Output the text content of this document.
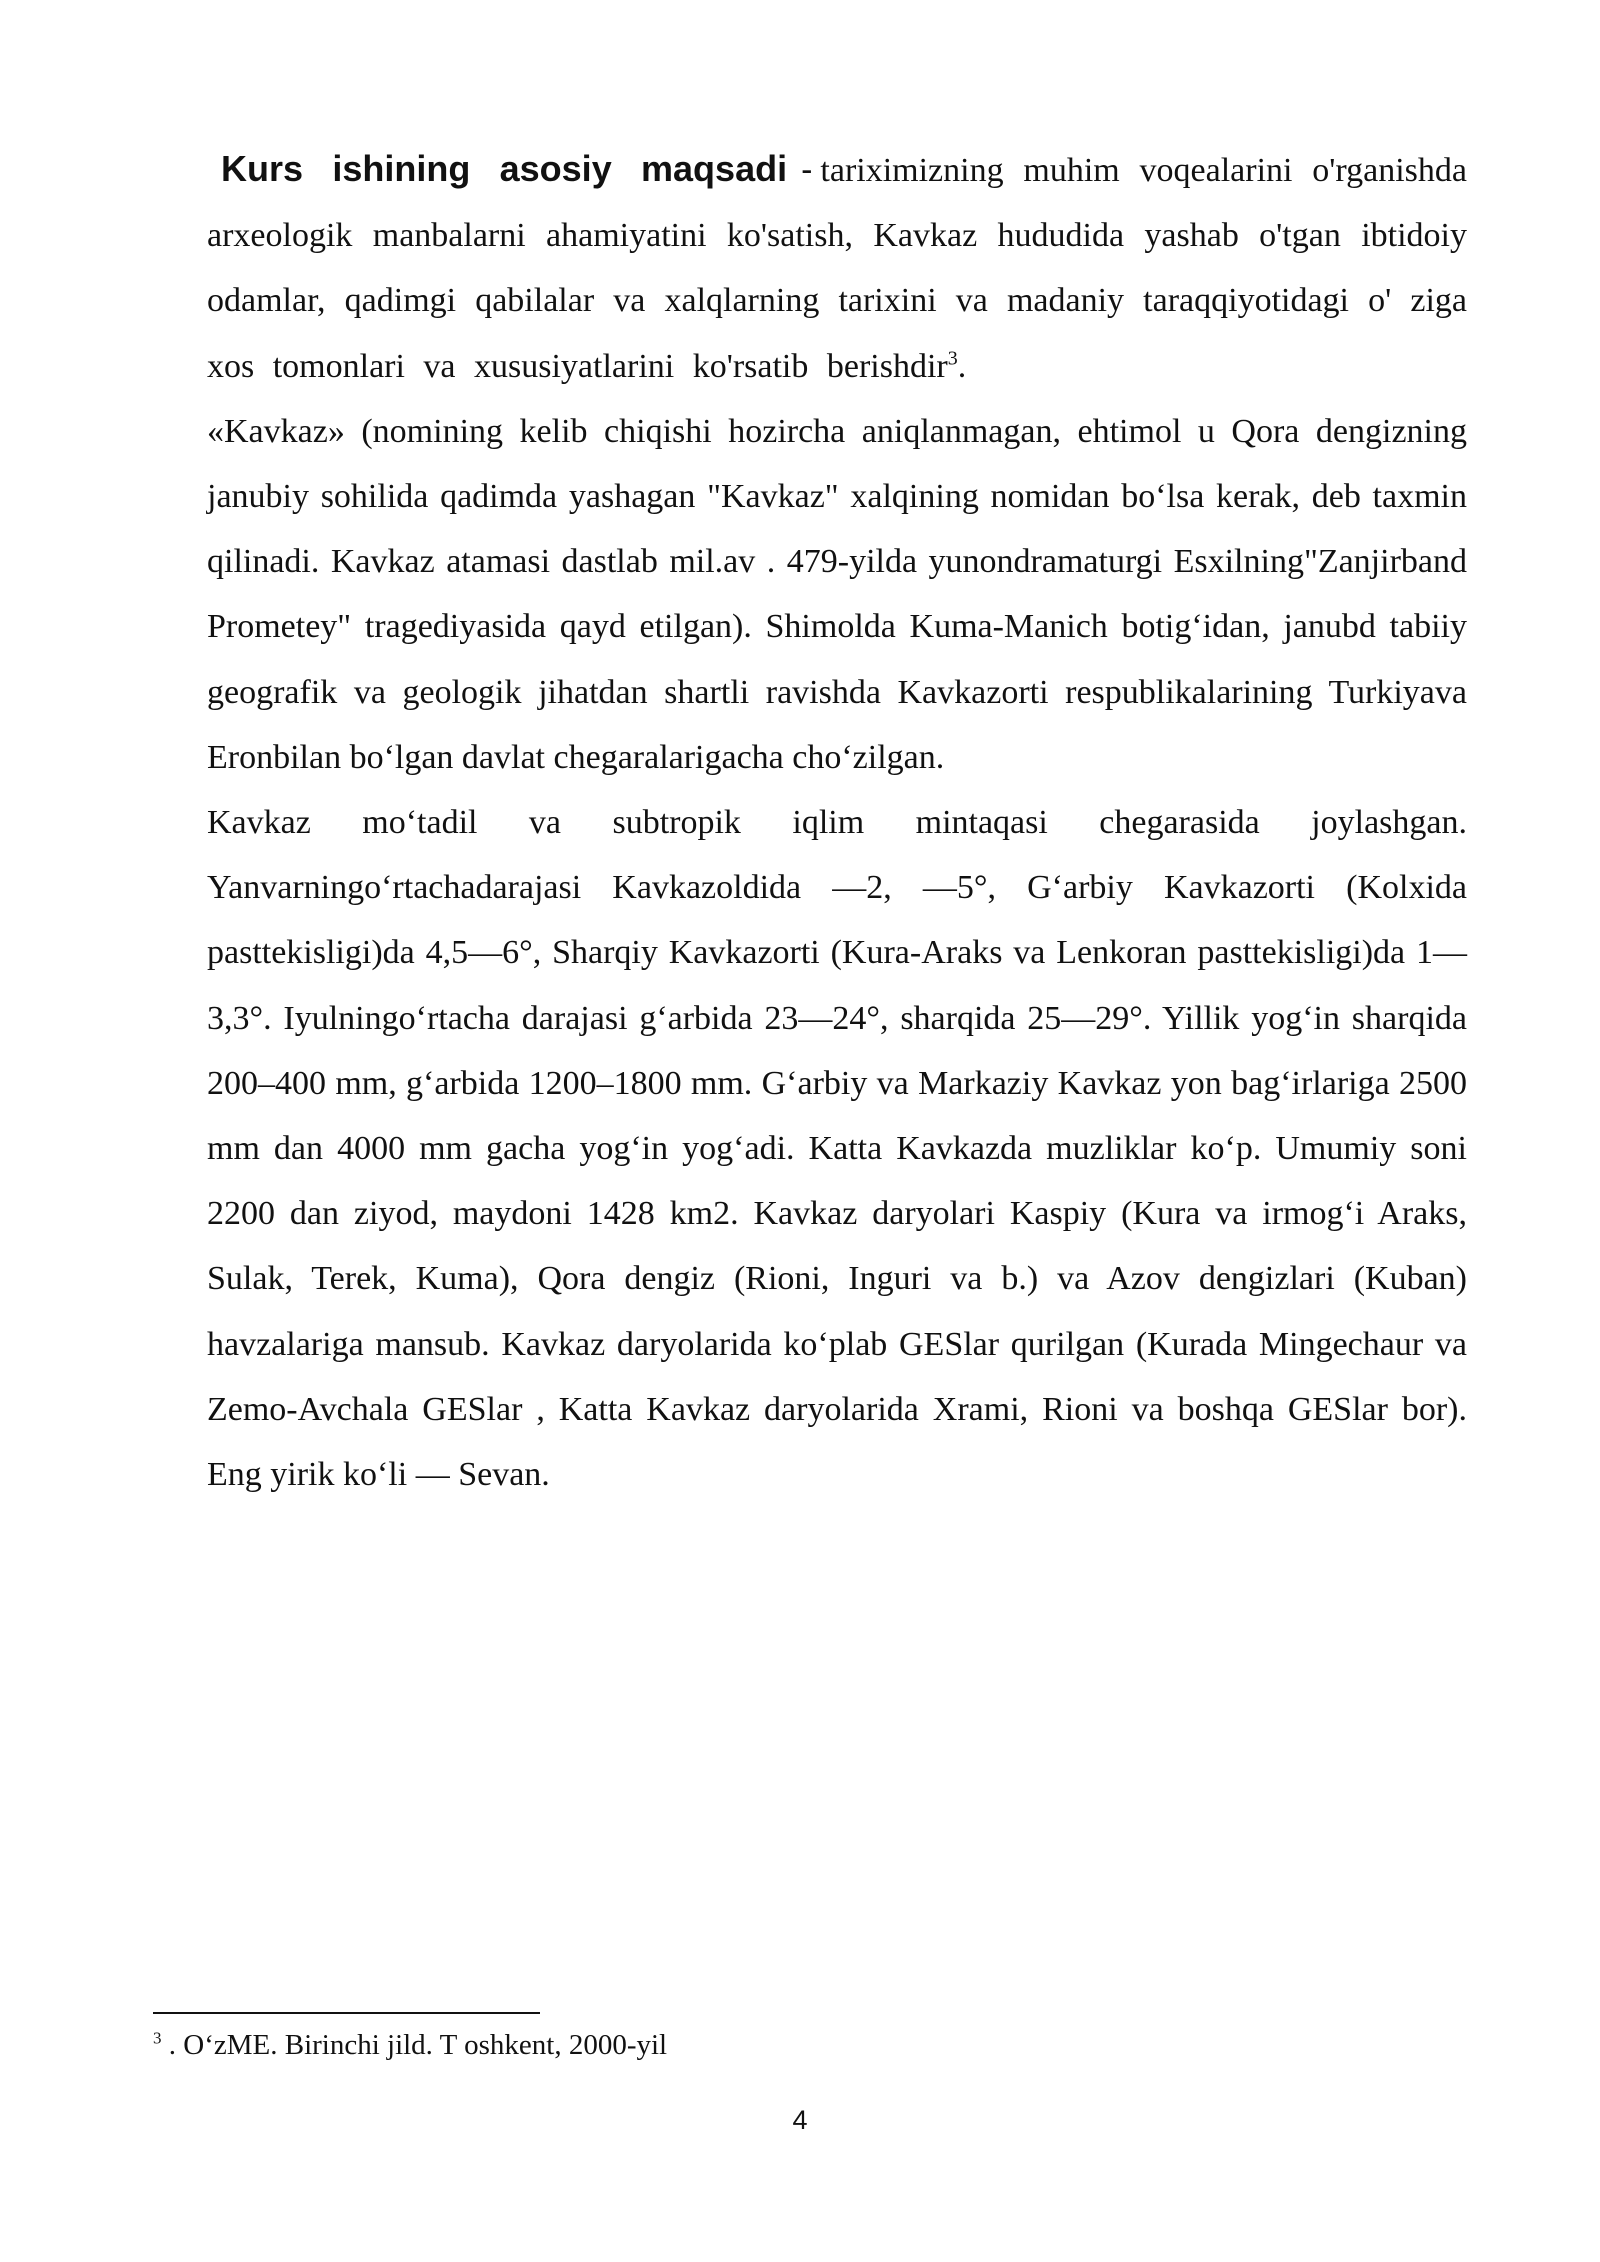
Kurs ishining asosiy maqsadi - tariximizning muhim voqealarini o'rganishda arxeologik manbalarni ahamiyatini ko'satish, Kavkaz hududida yashab o'tgan ibtidoiy odamlar, qadimgi qabilalar va xalqlarning tarixini va madaniy taraqqiyotidagi o' ziga xos tomonlari va xususiyatlarini ko'rsatib berishdir$^3$.

«Kavkaz» (nomining kelib chiqishi hozircha aniqlanmagan, ehtimol u Qora dengizning janubiy sohilida qadimda yashagan "Kavkaz" xalqining nomidan bo‘lsa kerak, deb taxmin qilinadi. Kavkaz atamasi dastlab mil.av . 479-yilda yunondramaturgi Esxilning"Zanjirband Prometey" tragediyasida qayd etilgan). Shimolda Kuma-Manich botig‘idan, janubd tabiiy geografik va geologik jihatdan shartli ravishda Kavkazorti respublikalarining Turkiyava Eronbilan bo‘lgan davlat chegaralarigacha cho‘zilgan.

Kavkaz mo‘tadil va subtropik iqlim mintaqasi chegarasida joylashgan. Yanvarningo‘rtachadarajasi Kavkazoldida —2, —5°, G‘arbiy Kavkazorti (Kolxida pasttekisligi)da 4,5—6°, Sharqiy Kavkazorti (Kura-Araks va Lenkoran pasttekisligi)da 1—3,3°. Iyulningo‘rtacha darajasi g‘arbida 23—24°, sharqida 25—29°. Yillik yog‘in sharqida 200–400 mm, g‘arbida 1200–1800 mm. G‘arbiy va Markaziy Kavkaz yon bag‘irlariga 2500 mm dan 4000 mm gacha yog‘in yog‘adi. Katta Kavkazda muzliklar ko‘p. Umumiy soni 2200 dan ziyod, maydoni 1428 km2. Kavkaz daryolari Kaspiy (Kura va irmog‘i Araks, Sulak, Terek, Kuma), Qora dengiz (Rioni, Inguri va b.) va Azov dengizlari (Kuban) havzalariga mansub. Kavkaz daryolarida ko‘plab GESlar qurilgan (Kurada Mingechaur va Zemo-Avchala GESlar , Katta Kavkaz daryolarida Xrami, Rioni va boshqa GESlar bor). Eng yirik ko‘li — Sevan.

$^3$ . O‘zME. Birinchi jild. T oshkent, 2000-yil
4
